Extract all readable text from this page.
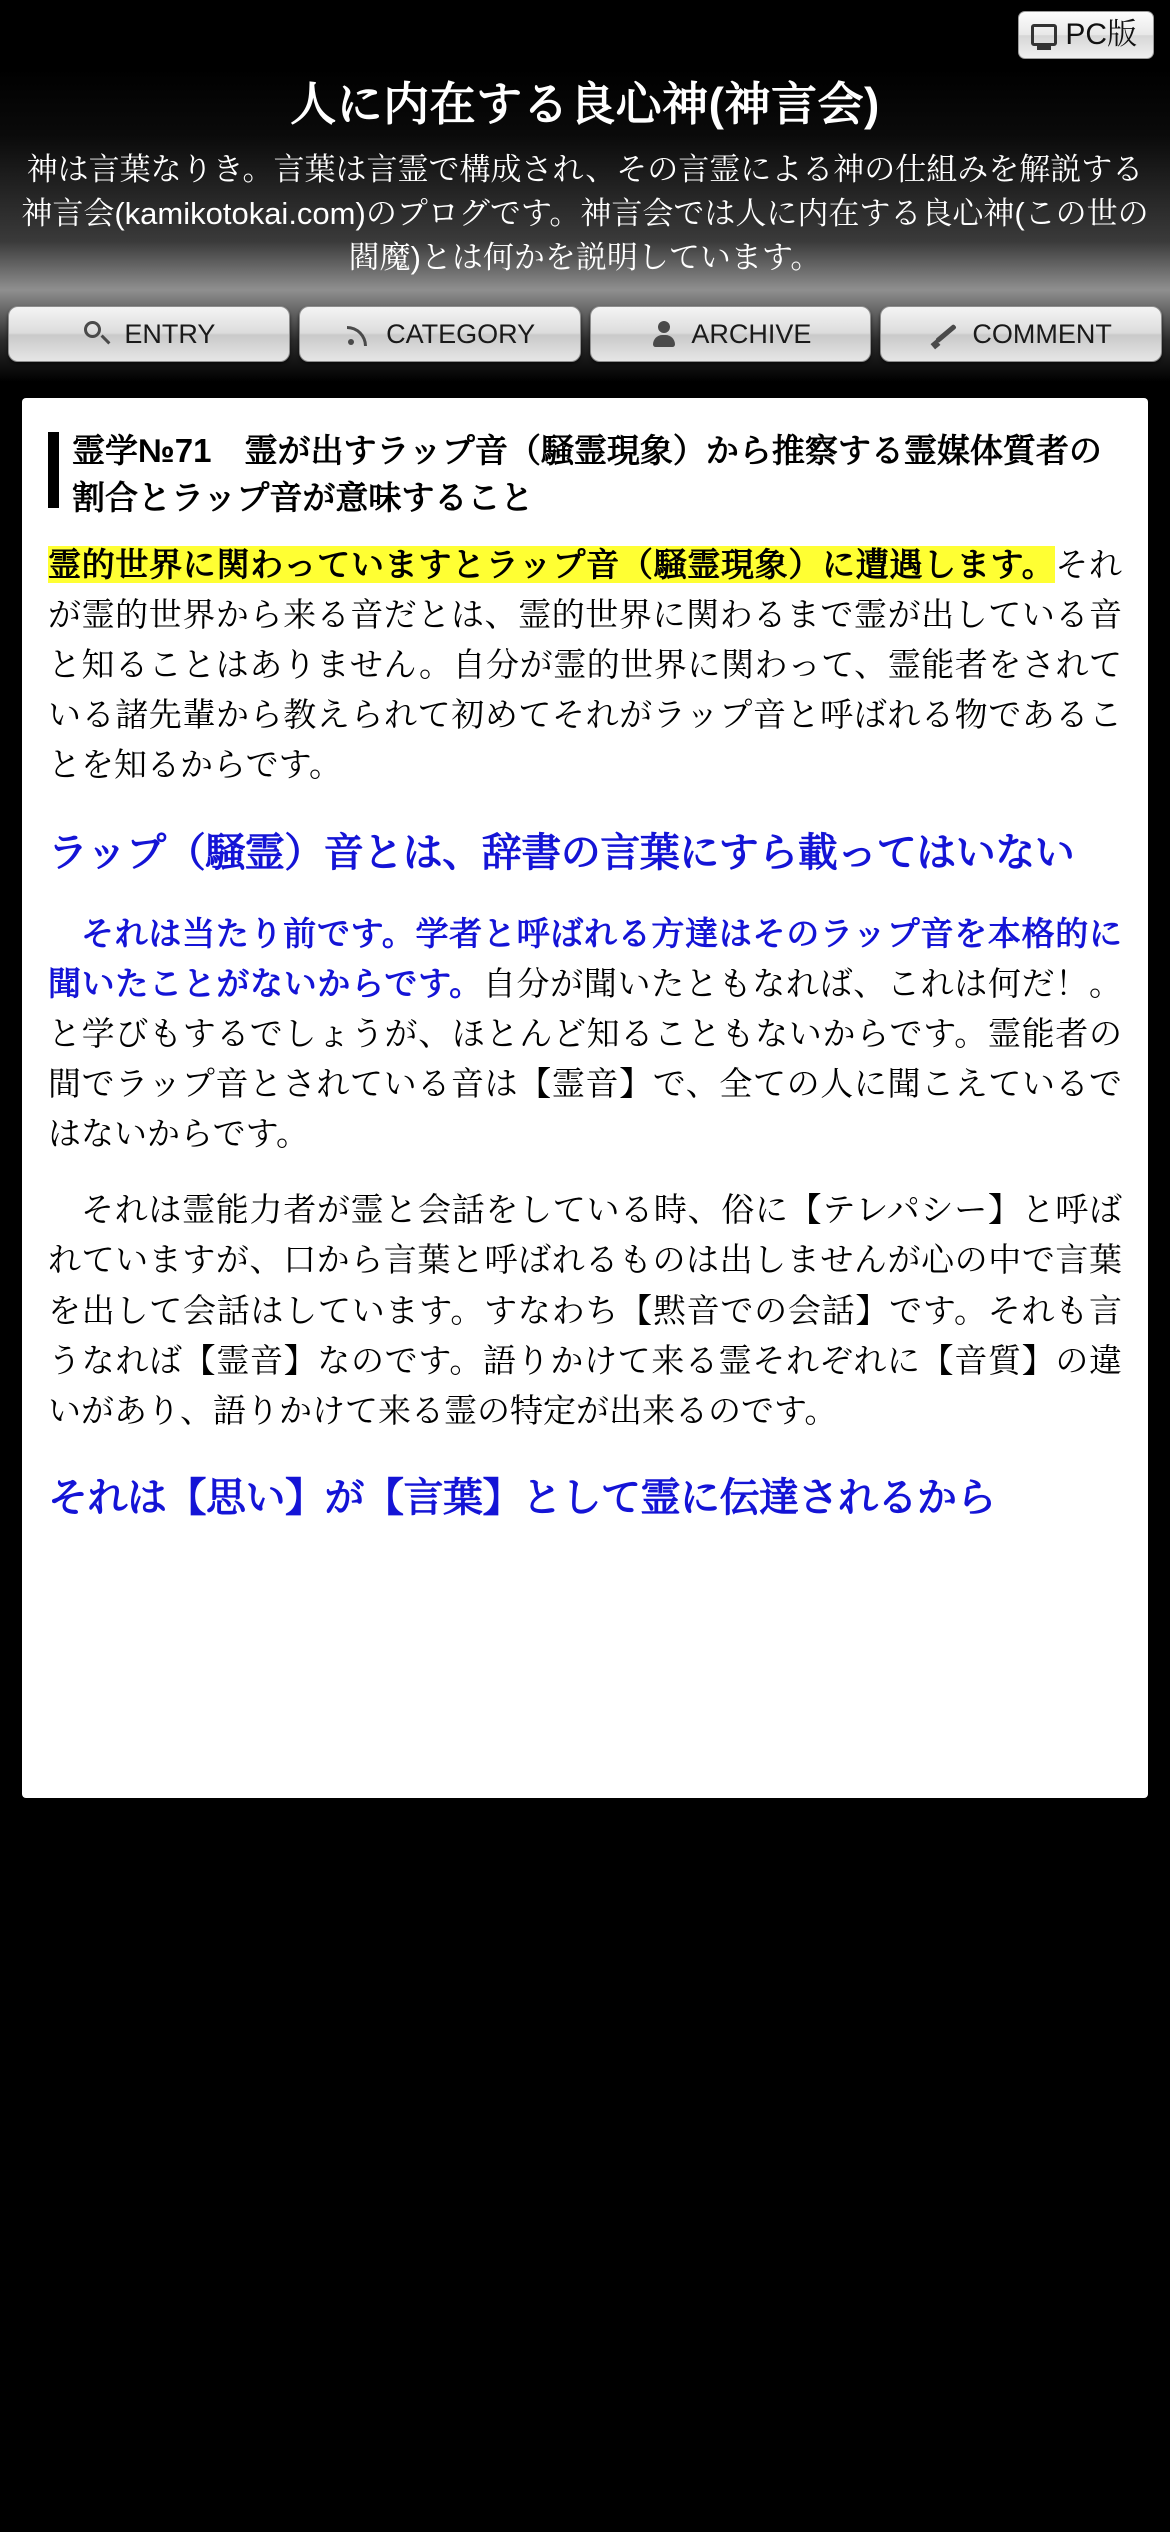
PC版
人に内在する良心神(神言会)
神は言葉なりき。言葉は言霊で構成され、その言霊による神の仕組みを解説する神言会(kamikotokai.com)のプログです。神言会では人に内在する良心神(この世の閻魔)とは何かを説明しています。
ENTRY	CATEGORY	ARCHIVE	COMMENT
霊学№71　霊が出すラップ音（騒霊現象）から推察する霊媒体質者の割合とラップ音が意味すること

霊的世界に関わっていますとラップ音（騒霊現象）に遭遇します。それが霊的世界から来る音だとは、霊的世界に関わるまで霊が出している音と知ることはありません。自分が霊的世界に関わって、霊能者をされている諸先輩から教えられて初めてそれがラップ音と呼ばれる物であることを知るからです。

ラップ（騒霊）音とは、辞書の言葉にすら載ってはいない

それは当たり前です。学者と呼ばれる方達はそのラップ音を本格的に聞いたことがないからです。自分が聞いたともなれば、これは何だ！。と学びもするでしょうが、ほとんど知ることもないからです。霊能者の間でラップ音とされている音は【霊音】で、全ての人に聞こえているではないからです。

それは霊能力者が霊と会話をしている時、俗に【テレパシー】と呼ばれていますが、口から言葉と呼ばれるものは出しませんが心の中で言葉を出して会話はしています。すなわち【黙音での会話】です。それも言うなれば【霊音】なのです。語りかけて来る霊それぞれに【音質】の違いがあり、語りかけて来る霊の特定が出来るのです。

それは【思い】が【言葉】として霊に伝達されるから
